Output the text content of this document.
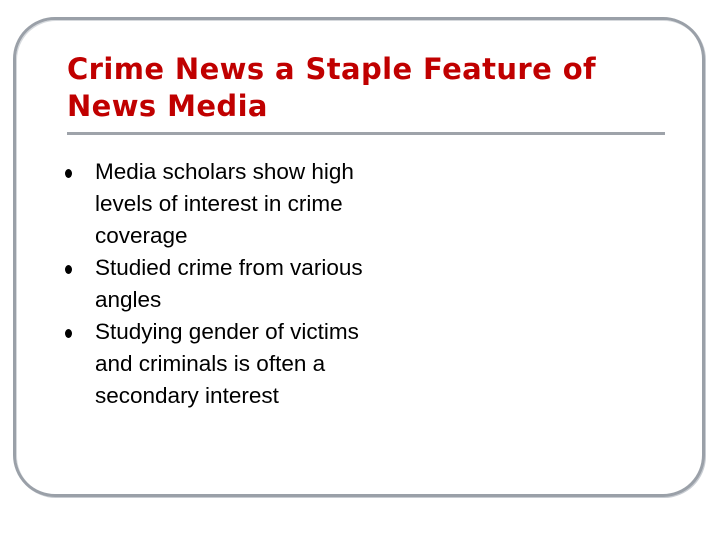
Crime News a Staple Feature of News Media
Media scholars show high levels of interest in crime coverage
Studied crime from various angles
Studying gender of victims and criminals is often a secondary interest
